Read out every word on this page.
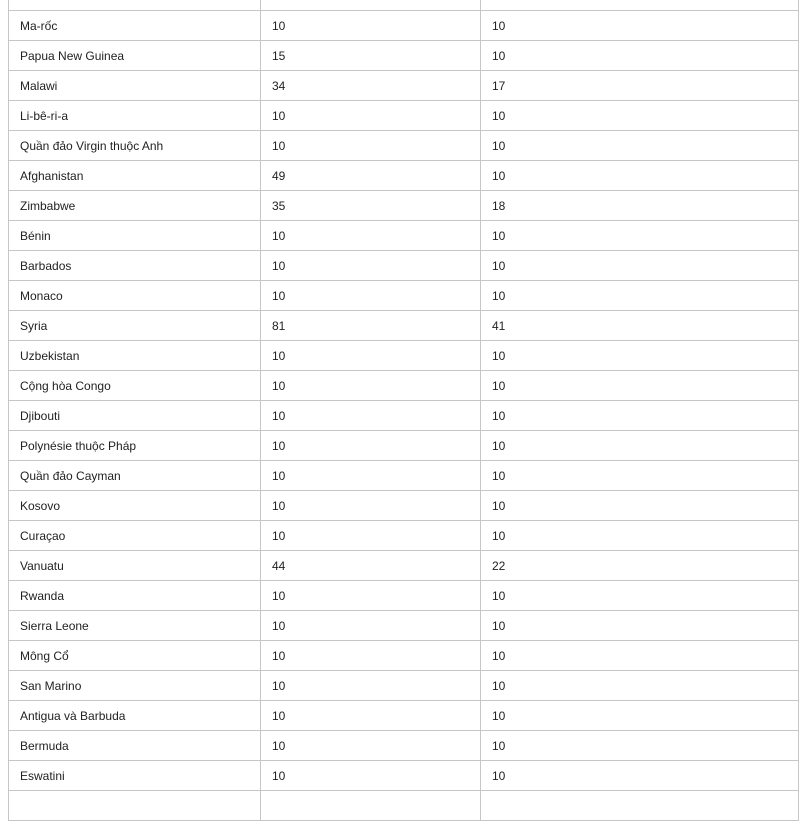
Ma-rốc	10	10
Papua New Guinea	15	10
Malawi	34	17
Li-bê-ri-a	10	10
Quần đảo Virgin thuộc Anh	10	10
Afghanistan	49	10
Zimbabwe	35	18
Bénin	10	10
Barbados	10	10
Monaco	10	10
Syria	81	41
Uzbekistan	10	10
Cộng hòa Congo	10	10
Djibouti	10	10
Polynésie thuộc Pháp	10	10
Quần đảo Cayman	10	10
Kosovo	10	10
Curaçao	10	10
Vanuatu	44	22
Rwanda	10	10
Sierra Leone	10	10
Mông Cổ	10	10
San Marino	10	10
Antigua và Barbuda	10	10
Bermuda	10	10
Eswatini	10	10
